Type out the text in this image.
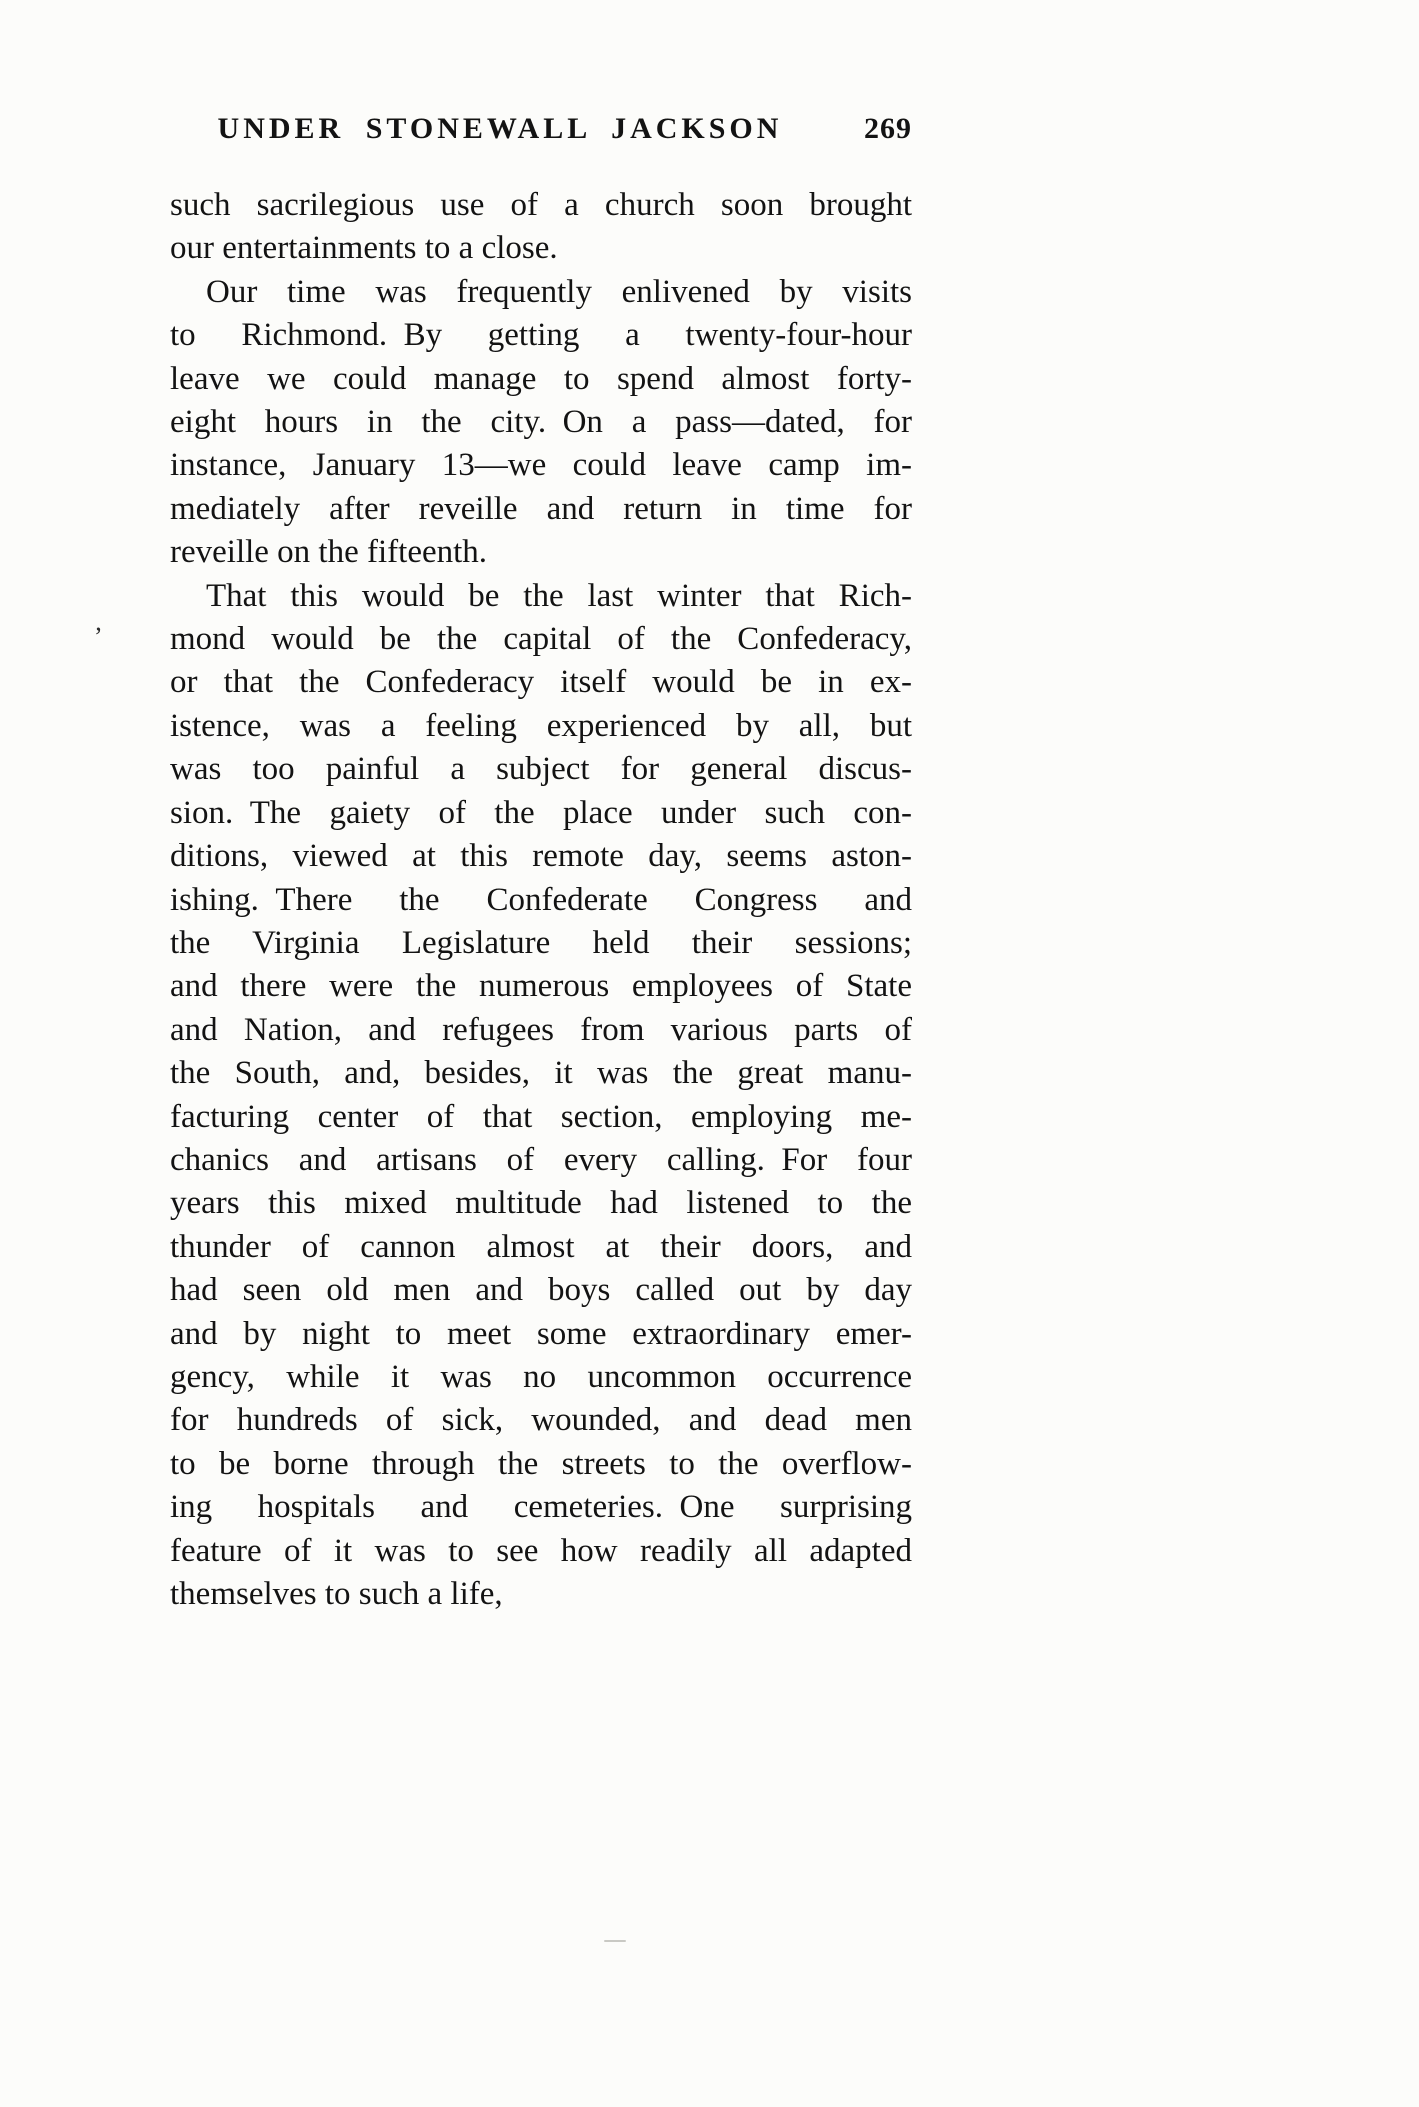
UNDER STONEWALL JACKSON	269
’
such sacrilegious use of a church soon brought
our entertainments to a close.
Our time was frequently enlivened by visits
to Richmond. By getting a twenty-four-hour
leave we could manage to spend almost forty-
eight hours in the city. On a pass—dated, for
instance, January 13—we could leave camp im-
mediately after reveille and return in time for
reveille on the fifteenth.
That this would be the last winter that Rich-
mond would be the capital of the Confederacy,
or that the Confederacy itself would be in ex-
istence, was a feeling experienced by all, but
was too painful a subject for general discus-
sion. The gaiety of the place under such con-
ditions, viewed at this remote day, seems aston-
ishing. There the Confederate Congress and
the Virginia Legislature held their sessions;
and there were the numerous employees of State
and Nation, and refugees from various parts of
the South, and, besides, it was the great manu-
facturing center of that section, employing me-
chanics and artisans of every calling. For four
years this mixed multitude had listened to the
thunder of cannon almost at their doors, and
had seen old men and boys called out by day
and by night to meet some extraordinary emer-
gency, while it was no uncommon occurrence
for hundreds of sick, wounded, and dead men
to be borne through the streets to the overflow-
ing hospitals and cemeteries. One surprising
feature of it was to see how readily all adapted
themselves to such a life,
